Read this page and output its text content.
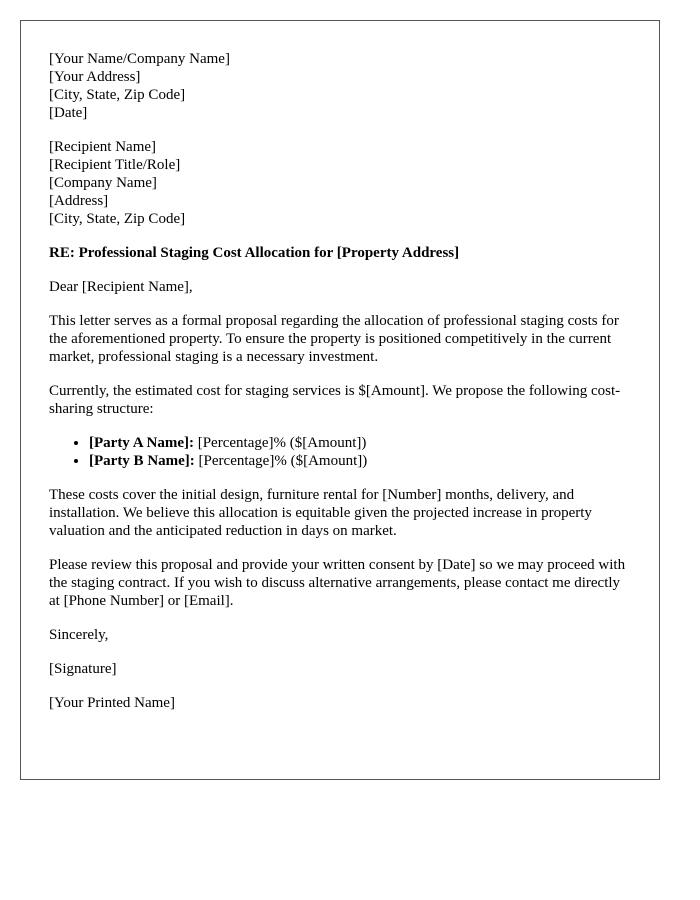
[Your Name/Company Name]
[Your Address]
[City, State, Zip Code]
[Date]
[Recipient Name]
[Recipient Title/Role]
[Company Name]
[Address]
[City, State, Zip Code]

RE: Professional Staging Cost Allocation for [Property Address]

Dear [Recipient Name],

This letter serves as a formal proposal regarding the allocation of professional staging costs for the aforementioned property. To ensure the property is positioned competitively in the current market, professional staging is a necessary investment.

Currently, the estimated cost for staging services is $[Amount]. We propose the following cost-sharing structure:

• [Party A Name]: [Percentage]% ($[Amount])
• [Party B Name]: [Percentage]% ($[Amount])

These costs cover the initial design, furniture rental for [Number] months, delivery, and installation. We believe this allocation is equitable given the projected increase in property valuation and the anticipated reduction in days on market.

Please review this proposal and provide your written consent by [Date] so we may proceed with the staging contract. If you wish to discuss alternative arrangements, please contact me directly at [Phone Number] or [Email].

Sincerely,

[Signature]

[Your Printed Name]
